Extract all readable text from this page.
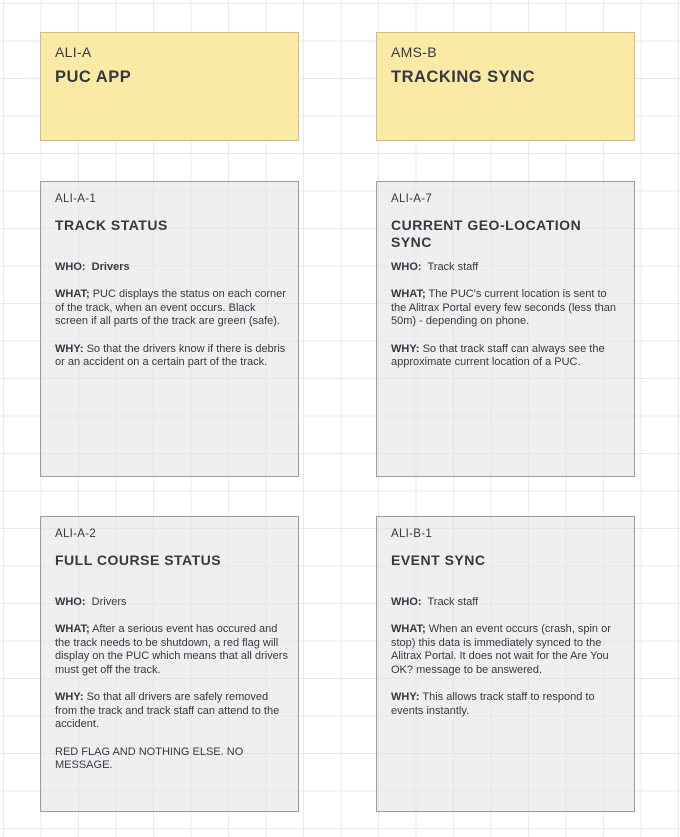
ALI-A
PUC APP
AMS-B
TRACKING SYNC
ALI-A-1
TRACK STATUS

WHO: Drivers

WHAT; PUC displays the status on each corner of the track, when an event occurs. Black screen if all parts of the track are green (safe).

WHY: So that the drivers know if there is debris or an accident on a certain part of the track.

ALI-A-7
CURRENT GEO-LOCATION SYNC

WHO: Track staff

WHAT; The PUC's current location is sent to the Alitrax Portal every few seconds (less than 50m) - depending on phone.

WHY: So that track staff can always see the approximate current location of a PUC.

ALI-A-2
FULL COURSE STATUS

WHO: Drivers

WHAT; After a serious event has occured and the track needs to be shutdown, a red flag will display on the PUC which means that all drivers must get off the track.

WHY: So that all drivers are safely removed from the track and track staff can attend to the accident.

RED FLAG AND NOTHING ELSE. NO MESSAGE.

ALI-B-1
EVENT SYNC

WHO: Track staff

WHAT; When an event occurs (crash, spin or stop) this data is immediately synced to the Alitrax Portal. It does not wait for the Are You OK? message to be answered.

WHY: This allows track staff to respond to events instantly.
